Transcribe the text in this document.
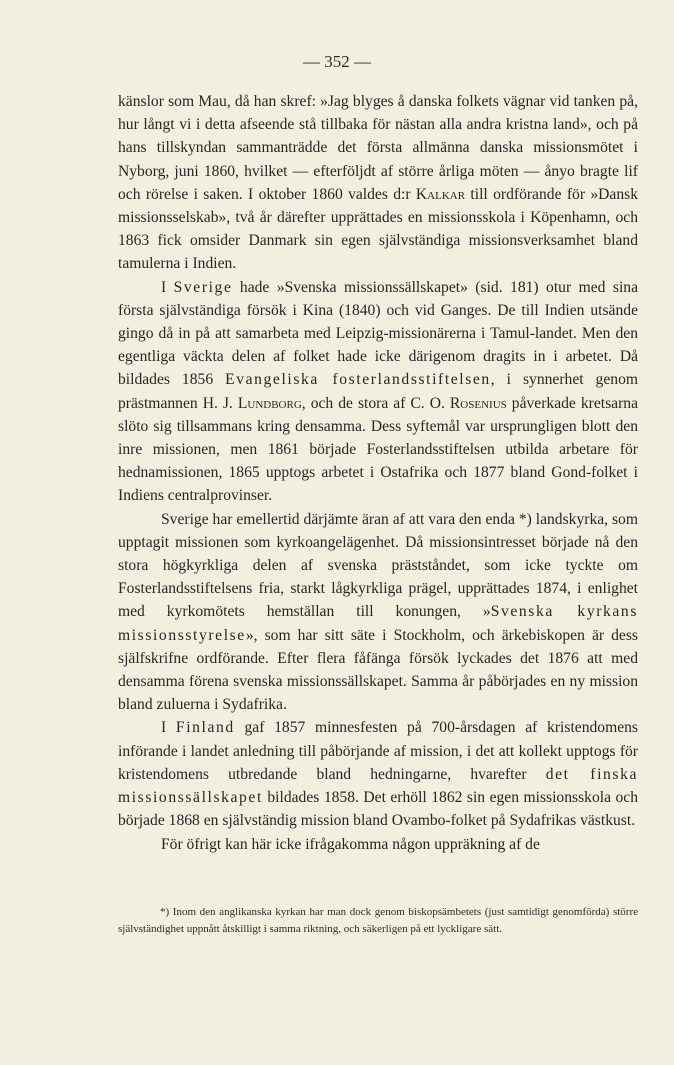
— 352 —

känslor som Mau, då han skref: »Jag blyges å danska folkets vägnar vid tanken på, hur långt vi i detta afseende stå tillbaka för nästan alla andra kristna land», och på hans tillskyndan sammanträdde det första allmänna danska missionsmötet i Nyborg, juni 1860, hvilket — efterföljdt af större årliga möten — ånyo bragte lif och rörelse i saken. I oktober 1860 valdes d:r Kalkar till ordförande för »Dansk missionsselskab», två år därefter upprättades en missionsskola i Köpenhamn, och 1863 fick omsider Danmark sin egen självständiga missionsverksamhet bland tamulerna i Indien.

I Sverige hade »Svenska missionssällskapet» (sid. 181) otur med sina första självständiga försök i Kina (1840) och vid Ganges. De till Indien utsände gingo då in på att samarbeta med Leipzig-missionärerna i Tamul-landet. Men den egentliga väckta delen af folket hade icke därigenom dragits in i arbetet. Då bildades 1856 Evangeliska fosterlandsstiftelsen, i synnerhet genom prästmannen H. J. Lundborg, och de stora af C. O. Rosenius påverkade kretsarna slöto sig tillsammans kring densamma. Dess syftemål var ursprungligen blott den inre missionen, men 1861 började Fosterlandsstiftelsen utbilda arbetare för hednamissionen, 1865 upptogs arbetet i Ostafrika och 1877 bland Gond-folket i Indiens centralprovinser.

Sverige har emellertid därjämte äran af att vara den enda *) landskyrka, som upptagit missionen som kyrkoangelägenhet. Då missionsintresset började nå den stora högkyrkliga delen af svenska prästståndet, som icke tyckte om Fosterlandsstiftelsens fria, starkt lågkyrkliga prägel, upprättades 1874, i enlighet med kyrkomötets hemställan till konungen, »Svenska kyrkans missionsstyrelse», som har sitt säte i Stockholm, och ärkebiskopen är dess själfskrifne ordförande. Efter flera fåfänga försök lyckades det 1876 att med densamma förena svenska missionssällskapet. Samma år påbörjades en ny mission bland zuluerna i Sydafrika.

I Finland gaf 1857 minnesfesten på 700-årsdagen af kristendomens införande i landet anledning till påbörjande af mission, i det att kollekt upptogs för kristendomens utbredande bland hedningarne, hvarefter det finska missionssällskapet bildades 1858. Det erhöll 1862 sin egen missionsskola och började 1868 en självständig mission bland Ovambo-folket på Sydafrikas västkust.

För öfrigt kan här icke ifrågakomma någon uppräkning af de

*) Inom den anglikanska kyrkan har man dock genom biskopsämbetets (just samtidigt genomförda) större självständighet uppnått åtskilligt i samma riktning, och säkerligen på ett lyckligare sätt.
